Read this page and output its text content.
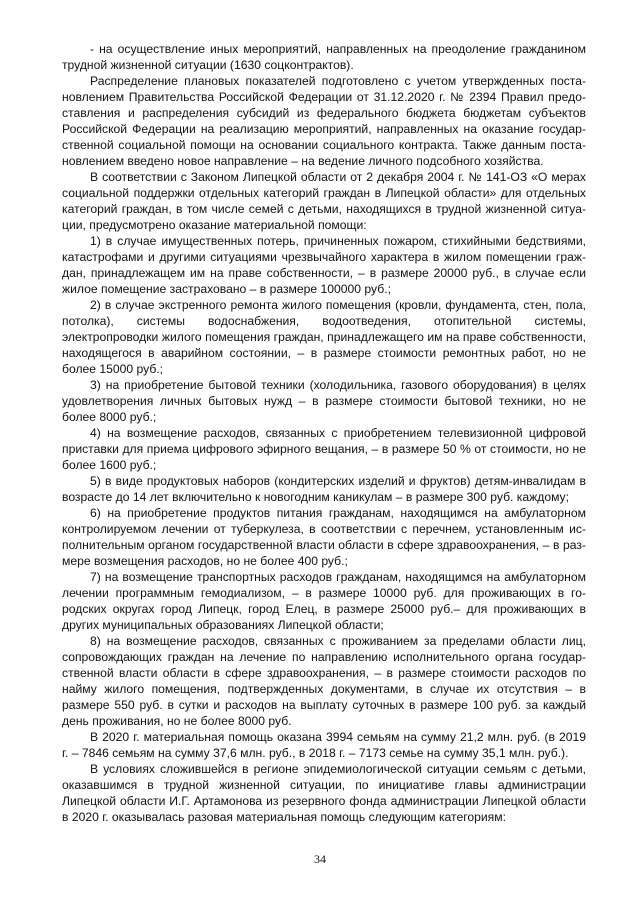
- на осуществление иных мероприятий, направленных на преодоление гражданином трудной жизненной ситуации (1630 соцконтрактов).

Распределение плановых показателей подготовлено с учетом утвержденных постановлением Правительства Российской Федерации от 31.12.2020 г. № 2394 Правил предоставления и распределения субсидий из федерального бюджета бюджетам субъектов Российской Федерации на реализацию мероприятий, направленных на оказание государственной социальной помощи на основании социального контракта. Также данным постановлением введено новое направление – на ведение личного подсобного хозяйства.

В соответствии с Законом Липецкой области от 2 декабря 2004 г. № 141-ОЗ «О мерах социальной поддержки отдельных категорий граждан в Липецкой области» для отдельных категорий граждан, в том числе семей с детьми, находящихся в трудной жизненной ситуации, предусмотрено оказание материальной помощи:

1) в случае имущественных потерь, причиненных пожаром, стихийными бедствиями, катастрофами и другими ситуациями чрезвычайного характера в жилом помещении граждан, принадлежащем им на праве собственности, – в размере 20000 руб., в случае если жилое помещение застраховано – в размере 100000 руб.;

2) в случае экстренного ремонта жилого помещения (кровли, фундамента, стен, пола, потолка), системы водоснабжения, водоотведения, отопительной системы, электропроводки жилого помещения граждан, принадлежащего им на праве собственности, находящегося в аварийном состоянии, – в размере стоимости ремонтных работ, но не более 15000 руб.;

3) на приобретение бытовой техники (холодильника, газового оборудования) в целях удовлетворения личных бытовых нужд – в размере стоимости бытовой техники, но не более 8000 руб.;

4) на возмещение расходов, связанных с приобретением телевизионной цифровой приставки для приема цифрового эфирного вещания, – в размере 50 % от стоимости, но не более 1600 руб.;

5) в виде продуктовых наборов (кондитерских изделий и фруктов) детям-инвалидам в возрасте до 14 лет включительно к новогодним каникулам – в размере 300 руб. каждому;

6) на приобретение продуктов питания гражданам, находящимся на амбулаторном контролируемом лечении от туберкулеза, в соответствии с перечнем, установленным исполнительным органом государственной власти области в сфере здравоохранения, – в размере возмещения расходов, но не более 400 руб.;

7) на возмещение транспортных расходов гражданам, находящимся на амбулаторном лечении программным гемодиализом, – в размере 10000 руб. для проживающих в городских округах город Липецк, город Елец, в размере 25000 руб.– для проживающих в других муниципальных образованиях Липецкой области;

8) на возмещение расходов, связанных с проживанием за пределами области лиц, сопровождающих граждан на лечение по направлению исполнительного органа государственной власти области в сфере здравоохранения, – в размере стоимости расходов по найму жилого помещения, подтвержденных документами, в случае их отсутствия – в размере 550 руб. в сутки и расходов на выплату суточных в размере 100 руб. за каждый день проживания, но не более 8000 руб.

В 2020 г. материальная помощь оказана 3994 семьям на сумму 21,2 млн. руб. (в 2019 г. – 7846 семьям на сумму 37,6 млн. руб., в 2018 г. – 7173 семье на сумму 35,1 млн. руб.).

В условиях сложившейся в регионе эпидемиологической ситуации семьям с детьми, оказавшимся в трудной жизненной ситуации, по инициативе главы администрации Липецкой области И.Г. Артамонова из резервного фонда администрации Липецкой области в 2020 г. оказывалась разовая материальная помощь следующим категориям:

34
